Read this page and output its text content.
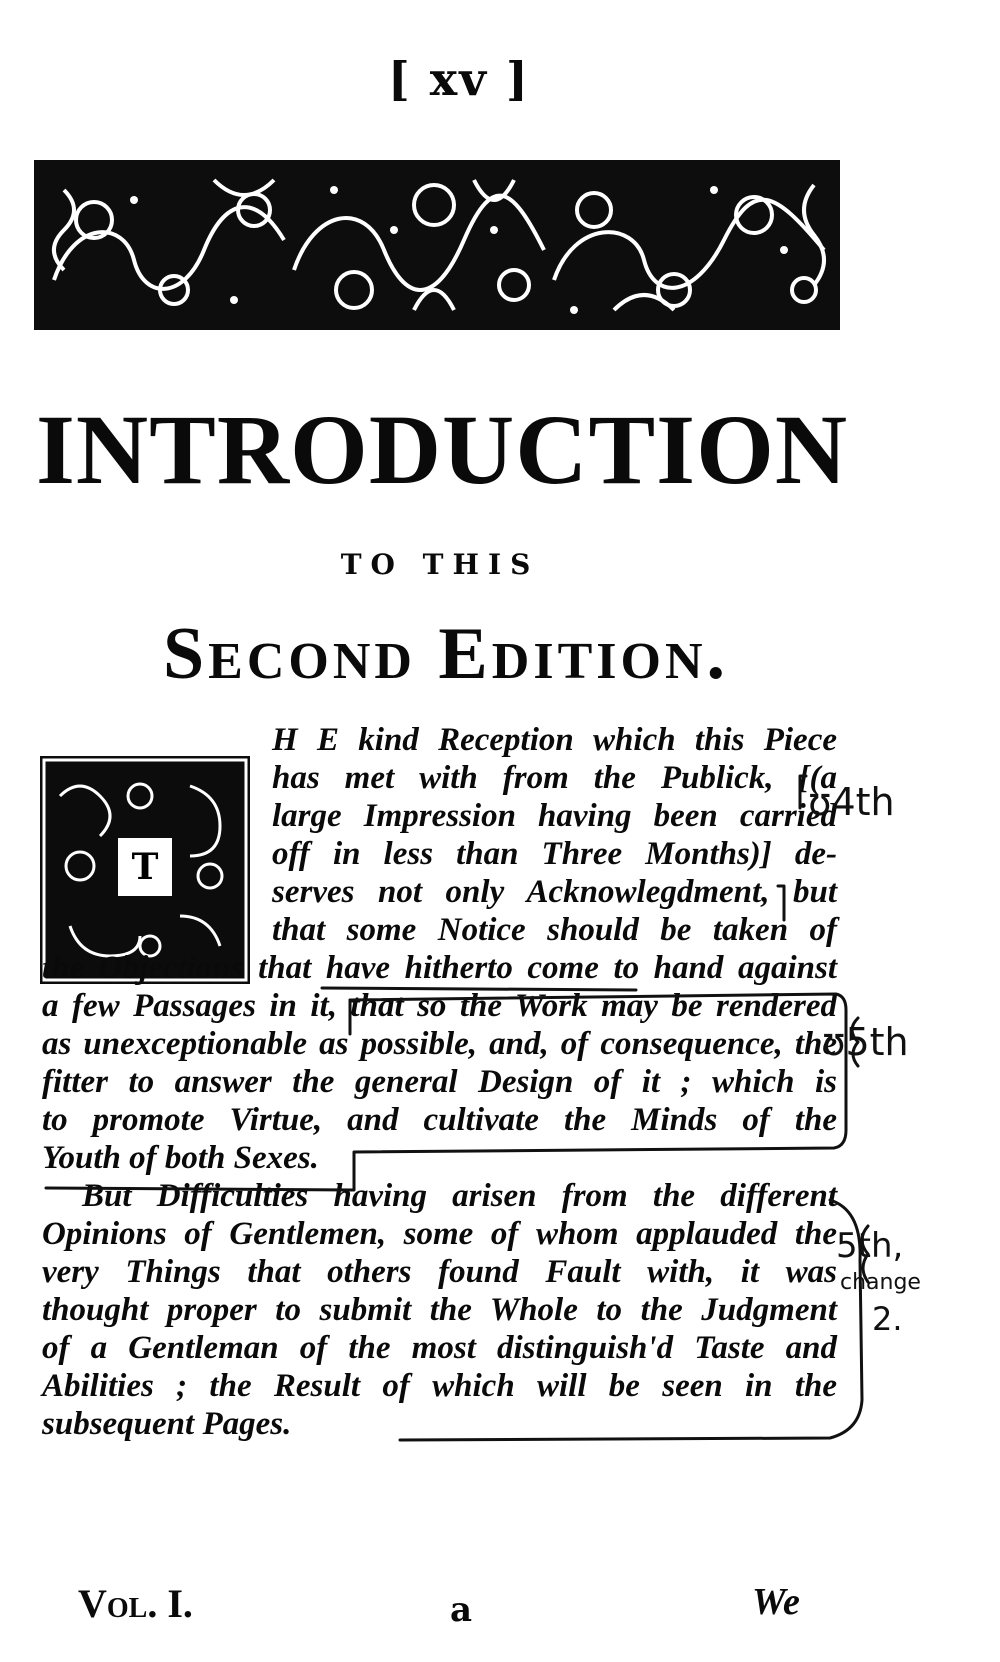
[ xv ]
INTRODUCTION
TO THIS
Second Edition.
T
H E kind Reception which this Piece
has met with from the Publick, [(a
large Impression having been carried
off in less than Three Months)] de-
serves not only Acknowlegdment, but
that some Notice should be taken of
the Objections that have hitherto come to hand against
a few Passages in it, that so the Work may be rendered
as unexceptionable as possible, and, of consequence, the
fitter to answer the general Design of it ; which is
to promote Virtue, and cultivate the Minds of the
Youth of both Sexes.
But Difficulties having arisen from the different
Opinions of Gentlemen, some of whom applauded the
very Things that others found Fault with, it was
thought proper to submit the Whole to the Judgment
of a Gentleman of the most distinguish'd Taste and
Abilities ; the Result of which will be seen in the
subsequent Pages.
ʊ4th
ʊ5th
5th,
change
2.
Vol. I.	a	We
